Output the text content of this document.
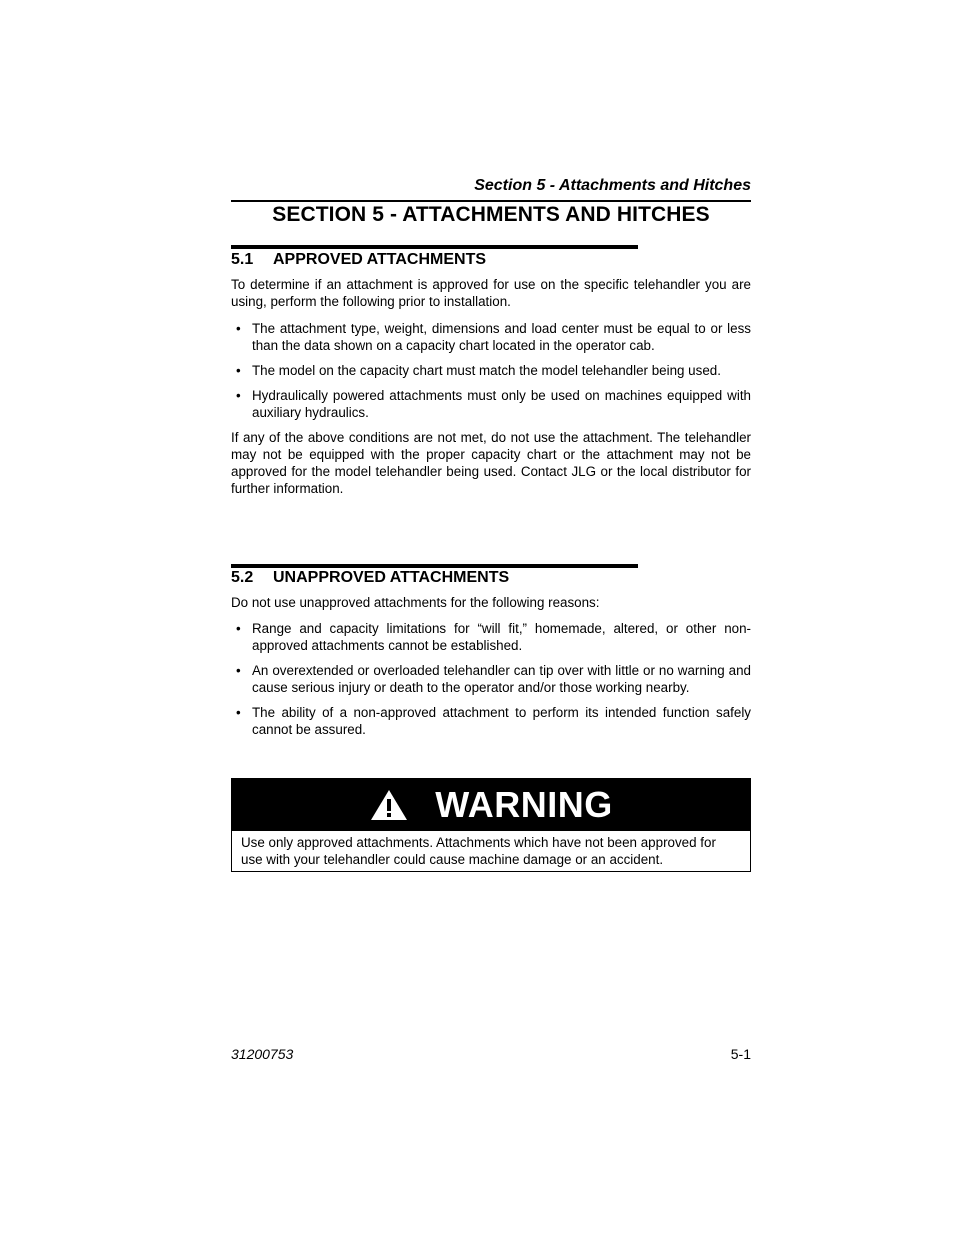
Section 5 - Attachments and Hitches
SECTION 5 - ATTACHMENTS AND HITCHES
5.1 APPROVED ATTACHMENTS

To determine if an attachment is approved for use on the specific telehandler you are using, perform the following prior to installation.

• The attachment type, weight, dimensions and load center must be equal to or less than the data shown on a capacity chart located in the operator cab.
• The model on the capacity chart must match the model telehandler being used.
• Hydraulically powered attachments must only be used on machines equipped with auxiliary hydraulics.

If any of the above conditions are not met, do not use the attachment. The telehandler may not be equipped with the proper capacity chart or the attachment may not be approved for the model telehandler being used. Contact JLG or the local distributor for further information.

5.2 UNAPPROVED ATTACHMENTS

Do not use unapproved attachments for the following reasons:

• Range and capacity limitations for “will fit,” homemade, altered, or other non-approved attachments cannot be established.
• An overextended or overloaded telehandler can tip over with little or no warning and cause serious injury or death to the operator and/or those working nearby.
• The ability of a non-approved attachment to perform its intended function safely cannot be assured.
WARNING
Use only approved attachments. Attachments which have not been approved for use with your telehandler could cause machine damage or an accident.
31200753	5-1
